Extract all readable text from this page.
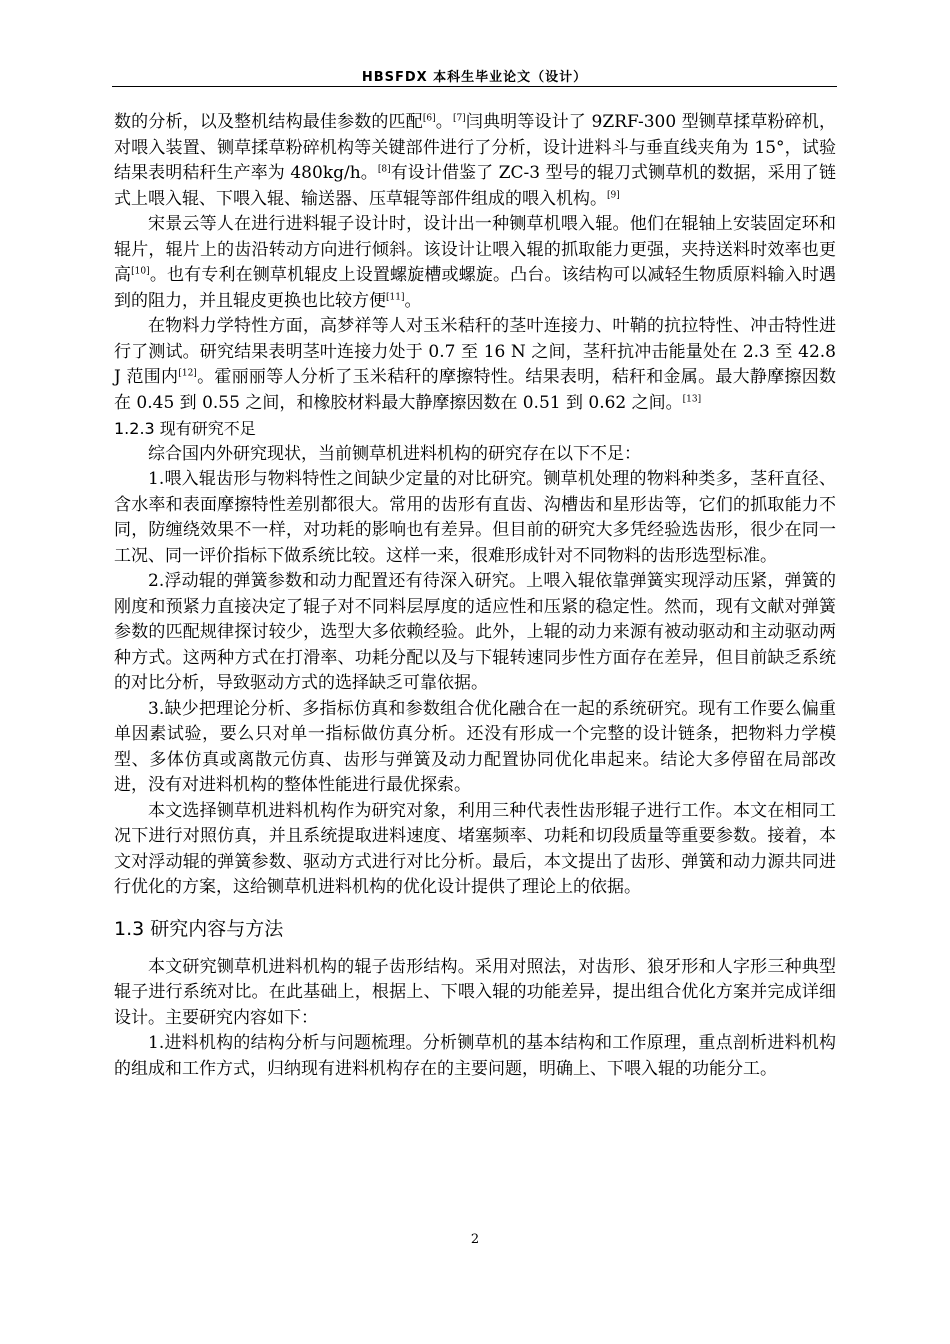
HBSFDX 本科生毕业论文（设计）

数的分析，以及整机结构最佳参数的匹配[6]。[7]闫典明等设计了 9ZRF-300 型铡草揉草粉碎机，对喂入装置、铡草揉草粉碎机构等关键部件进行了分析，设计进料斗与垂直线夹角为 15°，试验结果表明秸秆生产率为 480kg/h。[8]有设计借鉴了 ZC-3 型号的辊刀式铡草机的数据，采用了链式上喂入辊、下喂入辊、输送器、压草辊等部件组成的喂入机构。[9]

宋景云等人在进行进料辊子设计时，设计出一种铡草机喂入辊。他们在辊轴上安装固定环和辊片，辊片上的齿沿转动方向进行倾斜。该设计让喂入辊的抓取能力更强，夹持送料时效率也更高[10]。也有专利在铡草机辊皮上设置螺旋槽或螺旋。凸台。该结构可以减轻生物质原料输入时遇到的阻力，并且辊皮更换也比较方便[11]。

在物料力学特性方面，高梦祥等人对玉米秸秆的茎叶连接力、叶鞘的抗拉特性、冲击特性进行了测试。研究结果表明茎叶连接力处于 0.7 至 16 N 之间，茎秆抗冲击能量处在 2.3 至 42.8 J 范围内[12]。霍丽丽等人分析了玉米秸秆的摩擦特性。结果表明，秸秆和金属。最大静摩擦因数在 0.45 到 0.55 之间，和橡胶材料最大静摩擦因数在 0.51 到 0.62 之间。[13]

1.2.3 现有研究不足

综合国内外研究现状，当前铡草机进料机构的研究存在以下不足：

1.喂入辊齿形与物料特性之间缺少定量的对比研究。铡草机处理的物料种类多，茎秆直径、含水率和表面摩擦特性差别都很大。常用的齿形有直齿、沟槽齿和星形齿等，它们的抓取能力不同，防缠绕效果不一样，对功耗的影响也有差异。但目前的研究大多凭经验选齿形，很少在同一工况、同一评价指标下做系统比较。这样一来，很难形成针对不同物料的齿形选型标准。

2.浮动辊的弹簧参数和动力配置还有待深入研究。上喂入辊依靠弹簧实现浮动压紧，弹簧的刚度和预紧力直接决定了辊子对不同料层厚度的适应性和压紧的稳定性。然而，现有文献对弹簧参数的匹配规律探讨较少，选型大多依赖经验。此外，上辊的动力来源有被动驱动和主动驱动两种方式。这两种方式在打滑率、功耗分配以及与下辊转速同步性方面存在差异，但目前缺乏系统的对比分析，导致驱动方式的选择缺乏可靠依据。

3.缺少把理论分析、多指标仿真和参数组合优化融合在一起的系统研究。现有工作要么偏重单因素试验，要么只对单一指标做仿真分析。还没有形成一个完整的设计链条，把物料力学模型、多体仿真或离散元仿真、齿形与弹簧及动力配置协同优化串起来。结论大多停留在局部改进，没有对进料机构的整体性能进行最优探索。

本文选择铡草机进料机构作为研究对象，利用三种代表性齿形辊子进行工作。本文在相同工况下进行对照仿真，并且系统提取进料速度、堵塞频率、功耗和切段质量等重要参数。接着，本文对浮动辊的弹簧参数、驱动方式进行对比分析。最后，本文提出了齿形、弹簧和动力源共同进行优化的方案，这给铡草机进料机构的优化设计提供了理论上的依据。

1.3 研究内容与方法

本文研究铡草机进料机构的辊子齿形结构。采用对照法，对齿形、狼牙形和人字形三种典型辊子进行系统对比。在此基础上，根据上、下喂入辊的功能差异，提出组合优化方案并完成详细设计。主要研究内容如下：

1.进料机构的结构分析与问题梳理。分析铡草机的基本结构和工作原理，重点剖析进料机构的组成和工作方式，归纳现有进料机构存在的主要问题，明确上、下喂入辊的功能分工。

2
